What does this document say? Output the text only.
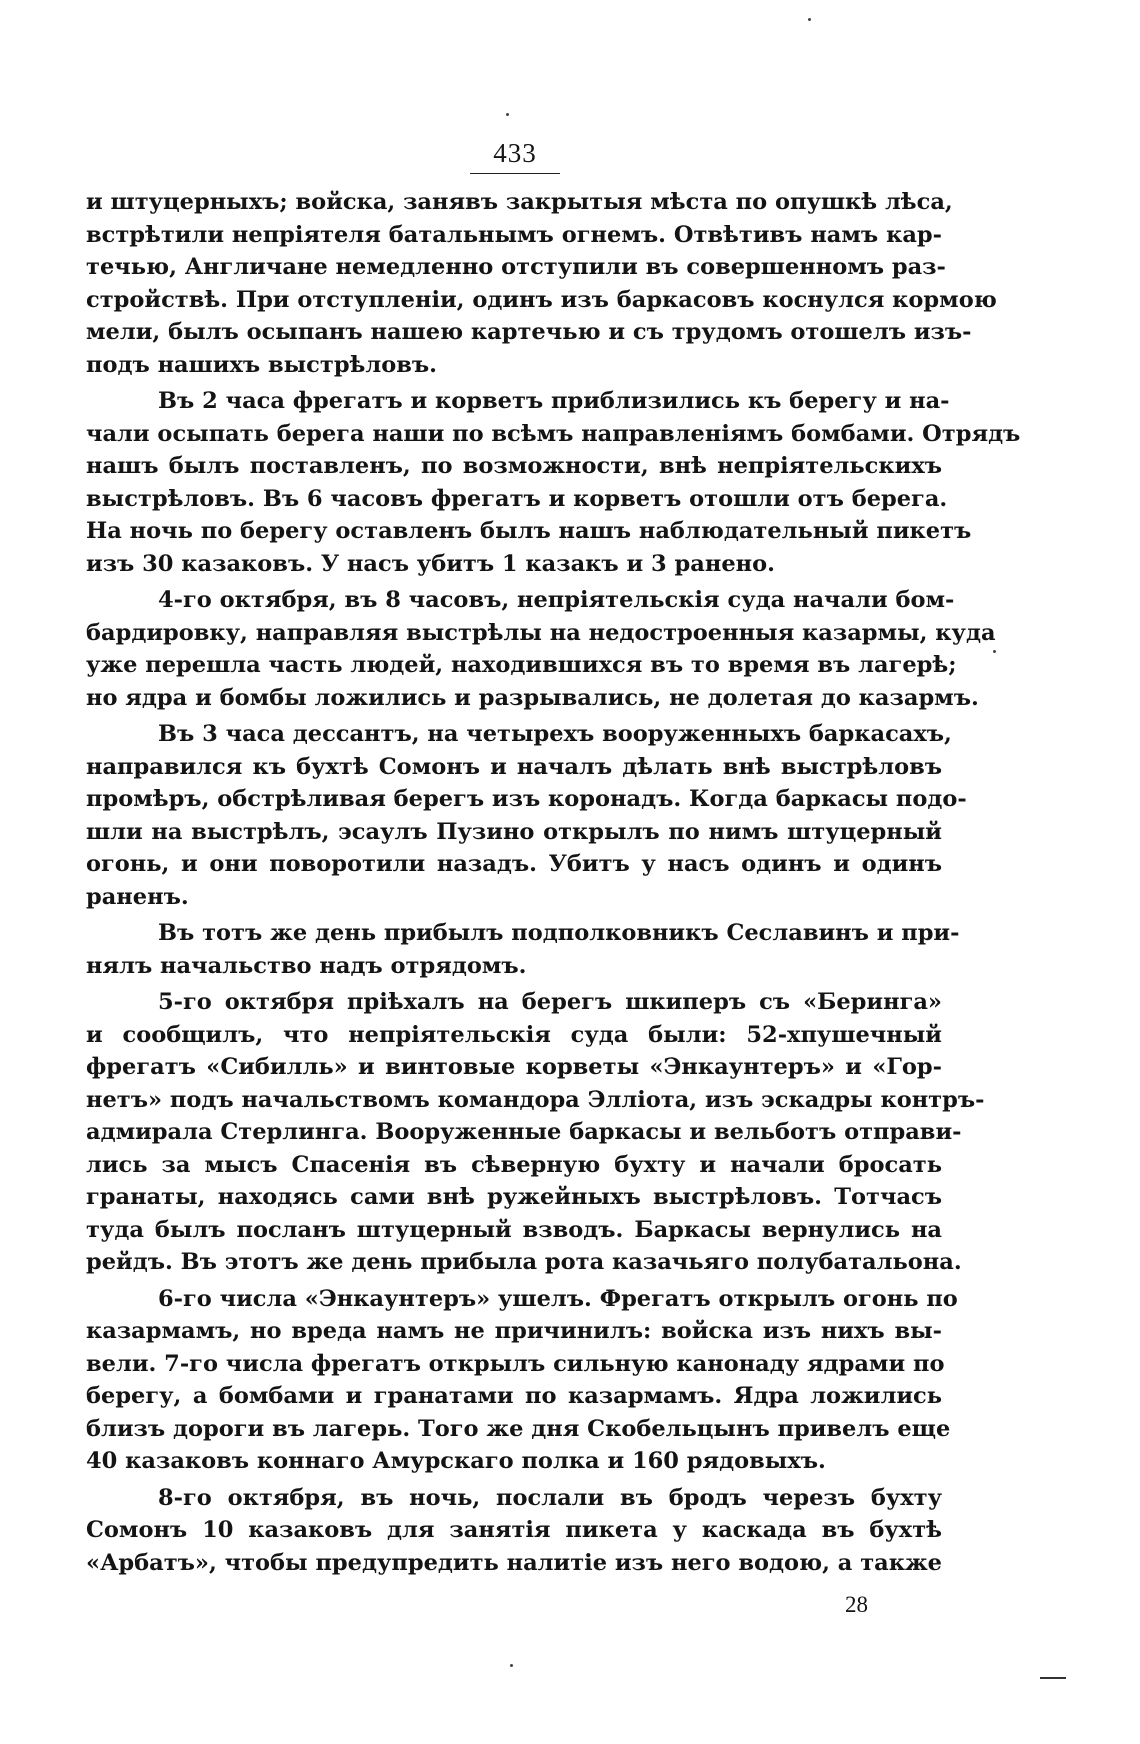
433
и штуцерныхъ; войска, занявъ закрытыя мѣста по опушкѣ лѣса,
встрѣтили непріятеля батальнымъ огнемъ. Отвѣтивъ намъ кар-
течью, Англичане немедленно отступили въ совершенномъ раз-
стройствѣ. При отступленіи, одинъ изъ баркасовъ коснулся кормою
мели, былъ осыпанъ нашею картечью и съ трудомъ отошелъ изъ-
подъ нашихъ выстрѣловъ.
Въ 2 часа фрегатъ и корветъ приблизились къ берегу и на-
чали осыпать берега наши по всѣмъ направленіямъ бомбами. Отрядъ
нашъ былъ поставленъ, по возможности, внѣ непріятельскихъ
выстрѣловъ. Въ 6 часовъ фрегатъ и корветъ отошли отъ берега.
На ночь по берегу оставленъ былъ нашъ наблюдательный пикетъ
изъ 30 казаковъ. У насъ убитъ 1 казакъ и 3 ранено.
4-го октября, въ 8 часовъ, непріятельскія суда начали бом-
бардировку, направляя выстрѣлы на недостроенныя казармы, куда
уже перешла часть людей, находившихся въ то время въ лагерѣ;
но ядра и бомбы ложились и разрывались, не долетая до казармъ.
Въ 3 часа дессантъ, на четырехъ вооруженныхъ баркасахъ,
направился къ бухтѣ Сомонъ и началъ дѣлать внѣ выстрѣловъ
промѣръ, обстрѣливая берегъ изъ коронадъ. Когда баркасы подо-
шли на выстрѣлъ, эсаулъ Пузино открылъ по нимъ штуцерный
огонь, и они поворотили назадъ. Убитъ у насъ одинъ и одинъ
раненъ.
Въ тотъ же день прибылъ подполковникъ Сеславинъ и при-
нялъ начальство надъ отрядомъ.
5-го октября пріѣхалъ на берегъ шкиперъ съ «Беринга»
и сообщилъ, что непріятельскія суда были: 52-хпушечный
фрегатъ «Сибилль» и винтовые корветы «Энкаунтеръ» и «Гор-
нетъ» подъ начальствомъ командора Эллiота, изъ эскадры контръ-
адмирала Стерлинга. Вооруженные баркасы и вельботъ отправи-
лись за мысъ Спасенія въ сѣверную бухту и начали бросать
гранаты, находясь сами внѣ ружейныхъ выстрѣловъ. Тотчасъ
туда былъ посланъ штуцерный взводъ. Баркасы вернулись на
рейдъ. Въ этотъ же день прибыла рота казачьяго полубатальона.
6-го числа «Энкаунтеръ» ушелъ. Фрегатъ открылъ огонь по
казармамъ, но вреда намъ не причинилъ: войска изъ нихъ вы-
вели. 7-го числа фрегатъ открылъ сильную канонаду ядрами по
берегу, а бомбами и гранатами по казармамъ. Ядра ложились
близъ дороги въ лагерь. Того же дня Скобельцынъ привелъ еще
40 казаковъ коннаго Амурскаго полка и 160 рядовыхъ.
8-го октября, въ ночь, послали въ бродъ черезъ бухту
Сомонъ 10 казаковъ для занятія пикета у каскада въ бухтѣ
«Арбатъ», чтобы предупредить налитіе изъ него водою, а также
28
